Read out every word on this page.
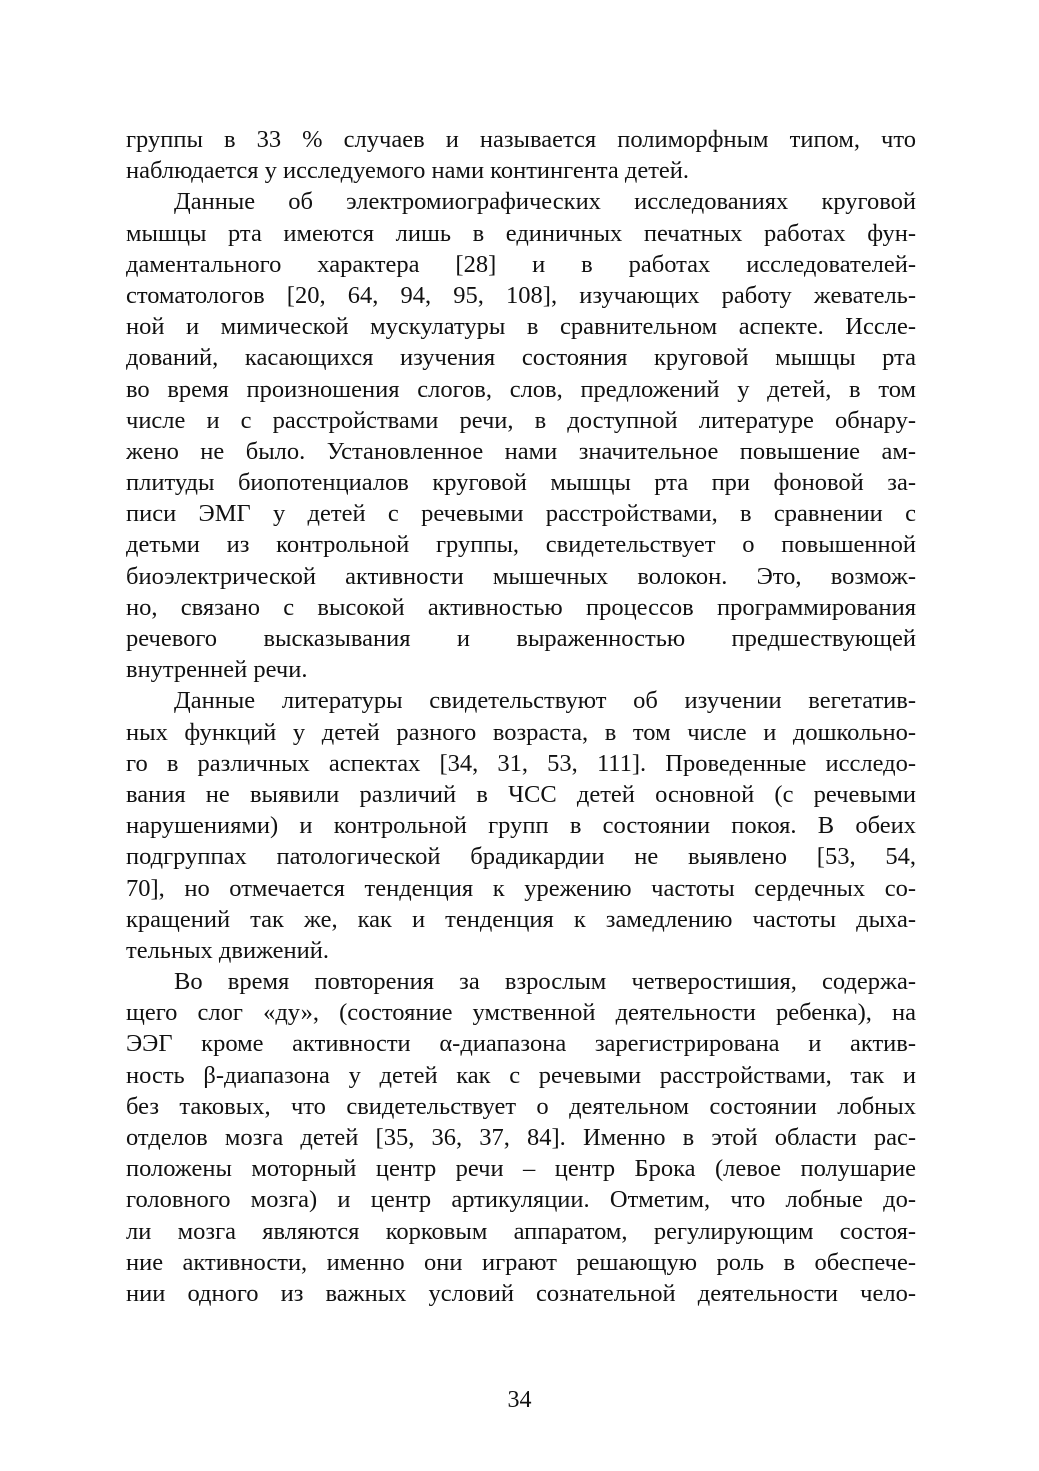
группы в 33 % случаев и называется полиморфным типом, что
наблюдается у исследуемого нами контингента детей.
Данные об электромиографических исследованиях круговой
мышцы рта имеются лишь в единичных печатных работах фун-
даментального характера [28] и в работах исследователей-
стоматологов [20, 64, 94, 95, 108], изучающих работу жеватель-
ной и мимической мускулатуры в сравнительном аспекте. Иссле-
дований, касающихся изучения состояния круговой мышцы рта
во время произношения слогов, слов, предложений у детей, в том
числе и с расстройствами речи, в доступной литературе обнару-
жено не было. Установленное нами значительное повышение ам-
плитуды биопотенциалов круговой мышцы рта при фоновой за-
писи ЭМГ у детей с речевыми расстройствами, в сравнении с
детьми из контрольной группы, свидетельствует о повышенной
биоэлектрической активности мышечных волокон. Это, возмож-
но, связано с высокой активностью процессов программирования
речевого высказывания и выраженностью предшествующей
внутренней речи.
Данные литературы свидетельствуют об изучении вегетатив-
ных функций у детей разного возраста, в том числе и дошкольно-
го в различных аспектах [34, 31, 53, 111]. Проведенные исследо-
вания не выявили различий в ЧСС детей основной (с речевыми
нарушениями) и контрольной групп в состоянии покоя. В обеих
подгруппах патологической брадикардии не выявлено [53, 54,
70], но отмечается тенденция к урежению частоты сердечных со-
кращений так же, как и тенденция к замедлению частоты дыха-
тельных движений.
Во время повторения за взрослым четверостишия, содержа-
щего слог «ду», (состояние умственной деятельности ребенка), на
ЭЭГ кроме активности α-диапазона зарегистрирована и актив-
ность β-диапазона у детей как с речевыми расстройствами, так и
без таковых, что свидетельствует о деятельном состоянии лобных
отделов мозга детей [35, 36, 37, 84]. Именно в этой области рас-
положены моторный центр речи – центр Брока (левое полушарие
головного мозга) и центр артикуляции. Отметим, что лобные до-
ли мозга являются корковым аппаратом, регулирующим состоя-
ние активности, именно они играют решающую роль в обеспече-
нии одного из важных условий сознательной деятельности чело-
34
